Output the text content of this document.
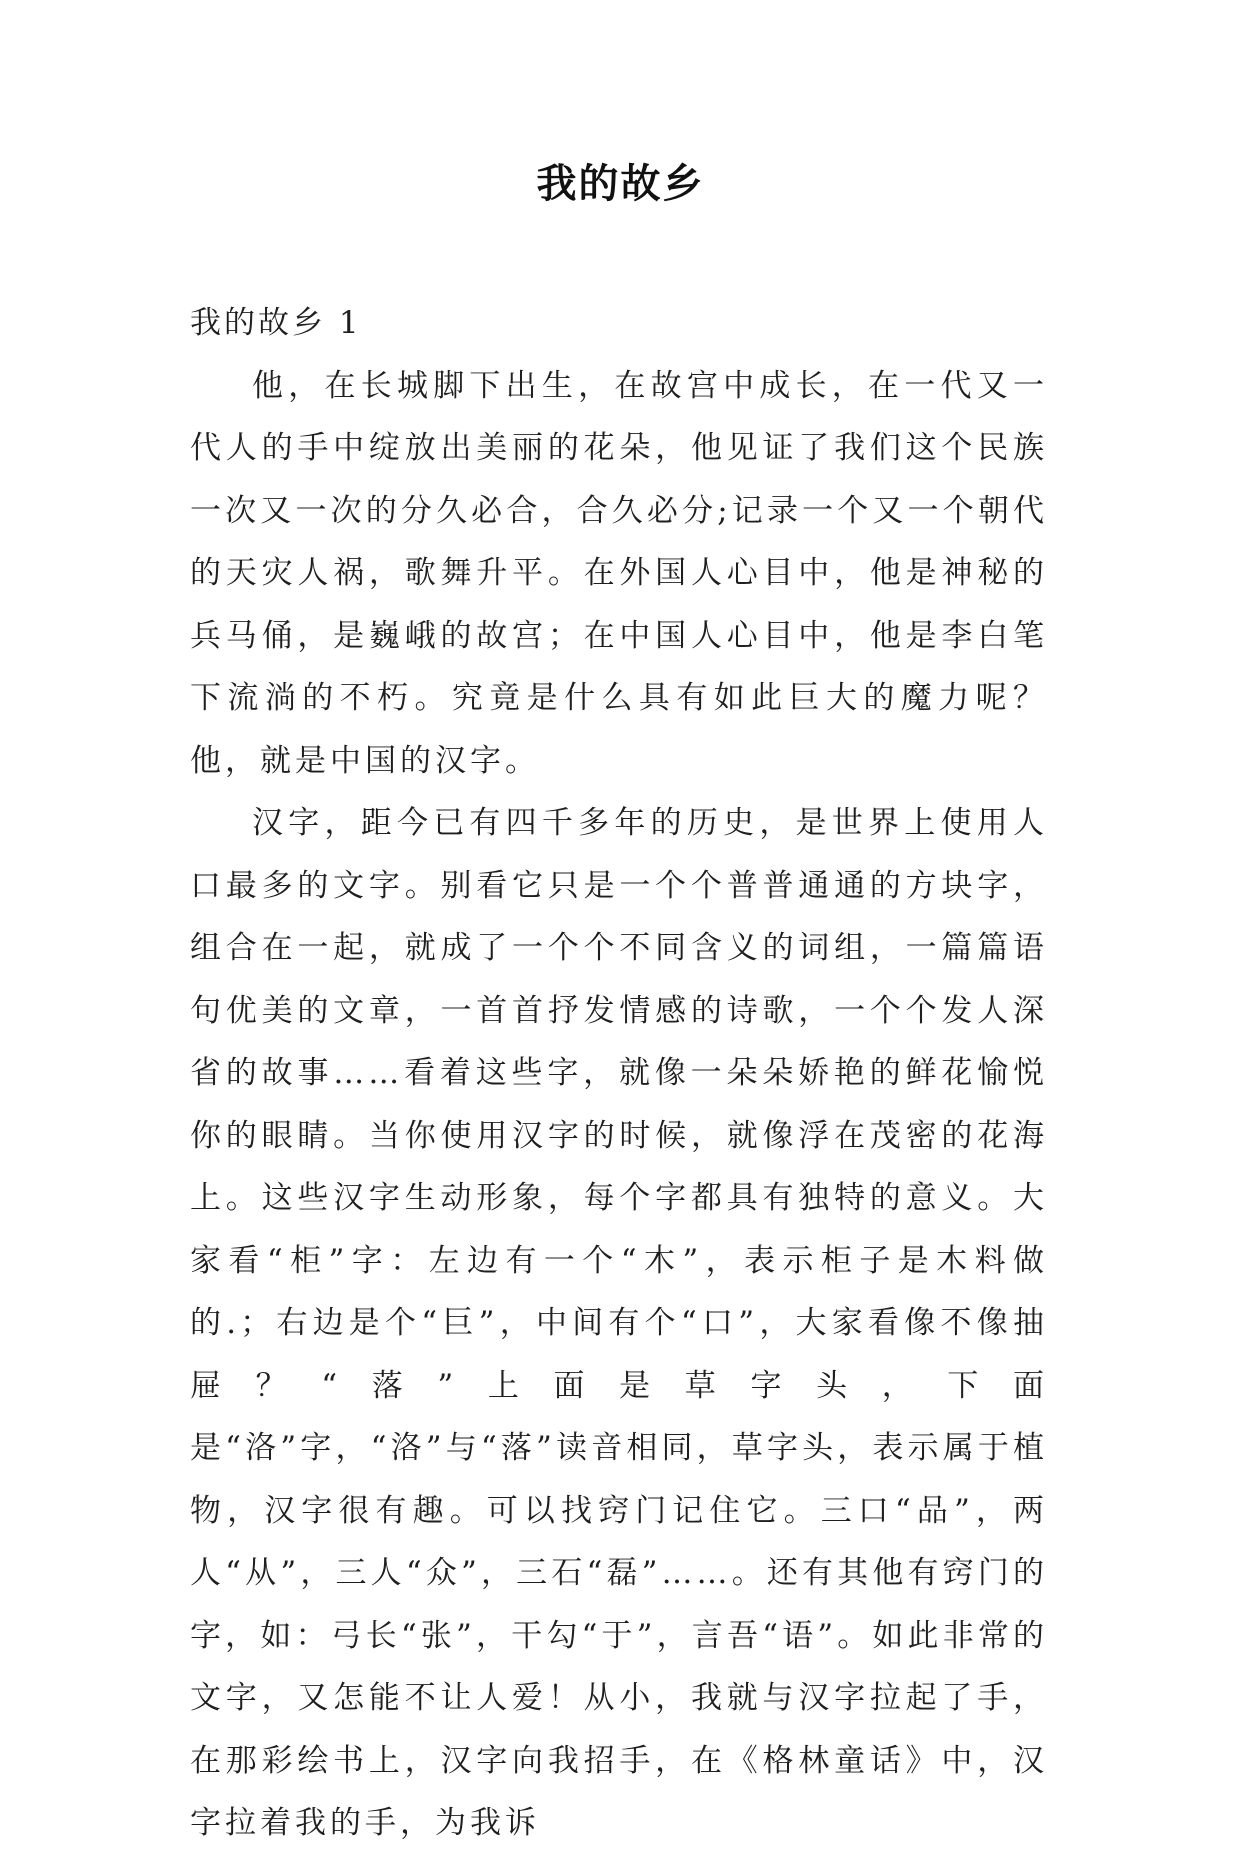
我的故乡

我的故乡 1

他，在长城脚下出生，在故宫中成长，在一代又一代人的手中绽放出美丽的花朵，他见证了我们这个民族一次又一次的分久必合，合久必分;记录一个又一个朝代的天灾人祸，歌舞升平。在外国人心目中，他是神秘的兵马俑，是巍峨的故宫；在中国人心目中，他是李白笔下流淌的不朽。究竟是什么具有如此巨大的魔力呢？他，就是中国的汉字。

汉字，距今已有四千多年的历史，是世界上使用人口最多的文字。别看它只是一个个普普通通的方块字，组合在一起，就成了一个个不同含义的词组，一篇篇语句优美的文章，一首首抒发情感的诗歌，一个个发人深省的故事……看着这些字，就像一朵朵娇艳的鲜花愉悦你的眼睛。当你使用汉字的时候，就像浮在茂密的花海上。这些汉字生动形象，每个字都具有独特的意义。大家看“柜”字：左边有一个“木”，表示柜子是木料做的.；右边是个“巨”，中间有个“口”，大家看像不像抽屉？“落”上面是草字头，下面是“洛”字，“洛”与“落”读音相同，草字头，表示属于植物，汉字很有趣。可以找窍门记住它。三口“品”，两人“从”，三人“众”，三石“磊”……。还有其他有窍门的字，如：弓长“张”，干勾“于”，言吾“语”。如此非常的文字，又怎能不让人爱！从小，我就与汉字拉起了手，在那彩绘书上，汉字向我招手，在《格林童话》中，汉字拉着我的手，为我诉
